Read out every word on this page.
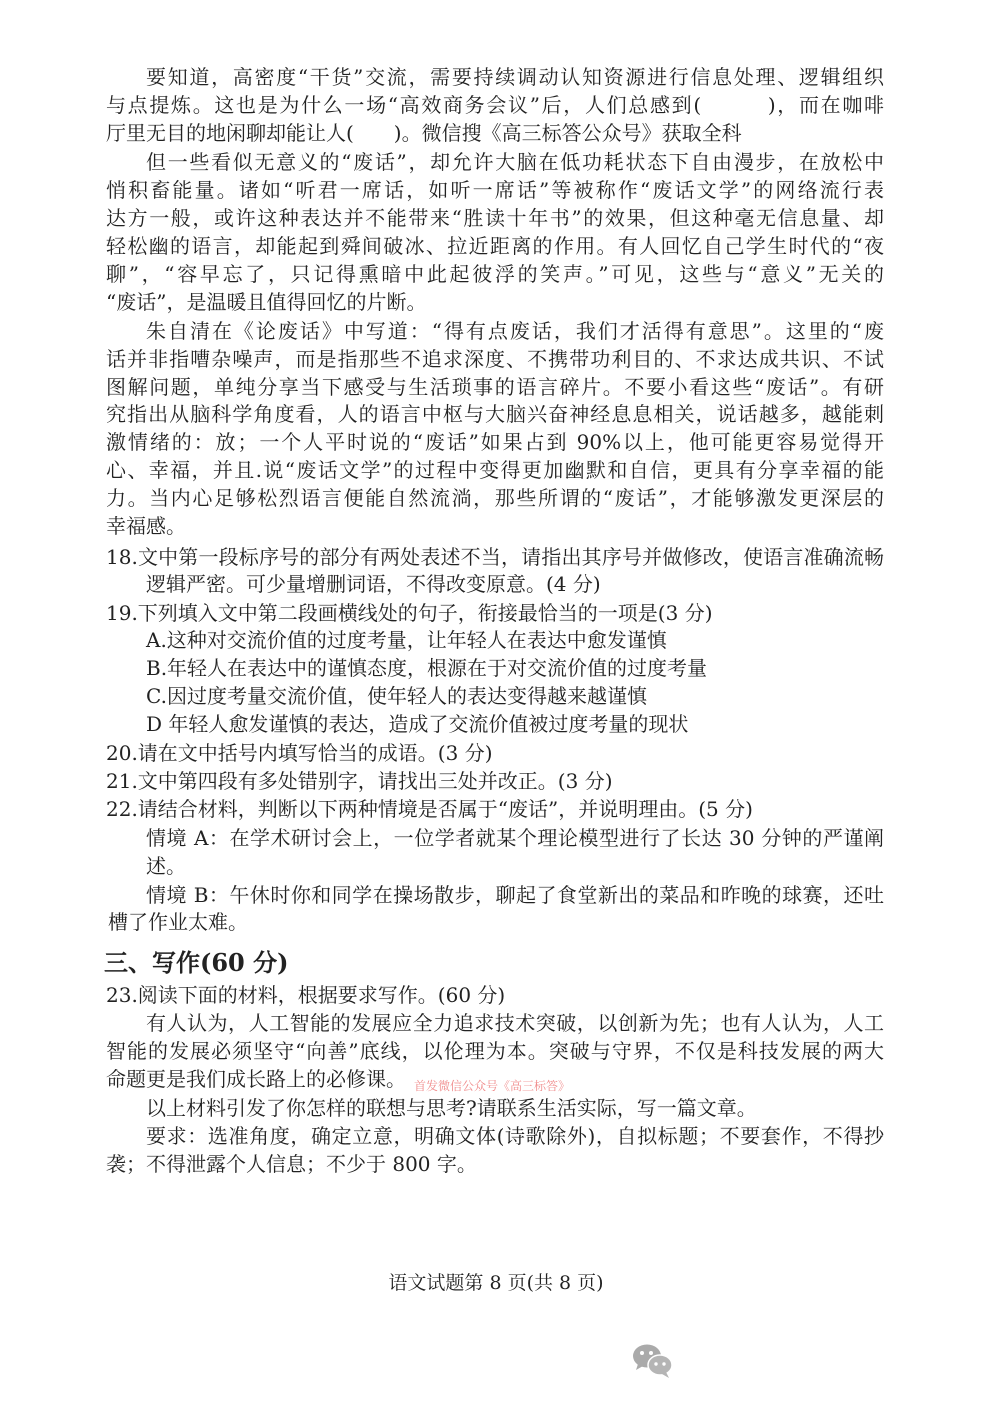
要知道，高密度“干货”交流，需要持续调动认知资源进行信息处理、逻辑组织
与点提炼。这也是为什么一场“高效商务会议”后，人们总感到(　　　)，而在咖啡
厅里无目的地闲聊却能让人(　　)。微信搜《高三标答公众号》获取全科
但一些看似无意义的“废话”，却允许大脑在低功耗状态下自由漫步，在放松中
悄积畜能量。诸如“听君一席话，如听一席话”等被称作“废话文学”的网络流行表
达方一般，或许这种表达并不能带来“胜读十年书”的效果，但这种毫无信息量、却
轻松幽的语言，却能起到舜间破冰、拉近距离的作用。有人回忆自己学生时代的“夜
聊”，“容早忘了，只记得熏暗中此起彼浮的笑声。”可见，这些与“意义”无关的
“废话”，是温暖且值得回忆的片断。
朱自清在《论废话》中写道：“得有点废话，我们才活得有意思”。这里的“废
话并非指嘈杂噪声，而是指那些不追求深度、不携带功利目的、不求达成共识、不试
图解问题，单纯分享当下感受与生活琐事的语言碎片。不要小看这些“废话”。有研
究指出从脑科学角度看，人的语言中枢与大脑兴奋神经息息相关，说话越多，越能刺
激情绪的：放；一个人平时说的“废话”如果占到 90%以上，他可能更容易觉得开
心、幸福，并且.说“废话文学”的过程中变得更加幽默和自信，更具有分享幸福的能
力。当内心足够松烈语言便能自然流淌，那些所谓的“废话”，才能够激发更深层的
幸福感。
18.文中第一段标序号的部分有两处表述不当，请指出其序号并做修改，使语言准确流畅
逻辑严密。可少量增删词语，不得改变原意。(4 分)
19.下列填入文中第二段画横线处的句子，衔接最恰当的一项是(3 分)
A.这种对交流价值的过度考量，让年轻人在表达中愈发谨慎
B.年轻人在表达中的谨慎态度，根源在于对交流价值的过度考量
C.因过度考量交流价值，使年轻人的表达变得越来越谨慎
D 年轻人愈发谨慎的表达，造成了交流价值被过度考量的现状
20.请在文中括号内填写恰当的成语。(3 分)
21.文中第四段有多处错别字，请找出三处并改正。(3 分)
22.请结合材料，判断以下两种情境是否属于“废话”，并说明理由。(5 分)
情境 A：在学术研讨会上，一位学者就某个理论模型进行了长达 30 分钟的严谨阐
述。
情境 B：午休时你和同学在操场散步，聊起了食堂新出的菜品和昨晚的球赛，还吐
槽了作业太难。
三、写作(60 分)
23.阅读下面的材料，根据要求写作。(60 分)
有人认为，人工智能的发展应全力追求技术突破，以创新为先；也有人认为，人工
智能的发展必须坚守“向善”底线，以伦理为本。突破与守界，不仅是科技发展的两大
命题更是我们成长路上的必修课。 首发微信公众号《高三标答》
以上材料引发了你怎样的联想与思考?请联系生活实际，写一篇文章。
要求：选准角度，确定立意，明确文体(诗歌除外)，自拟标题；不要套作，不得抄
袭；不得泄露个人信息；不少于 800 字。
语文试题第 8 页(共 8 页)
